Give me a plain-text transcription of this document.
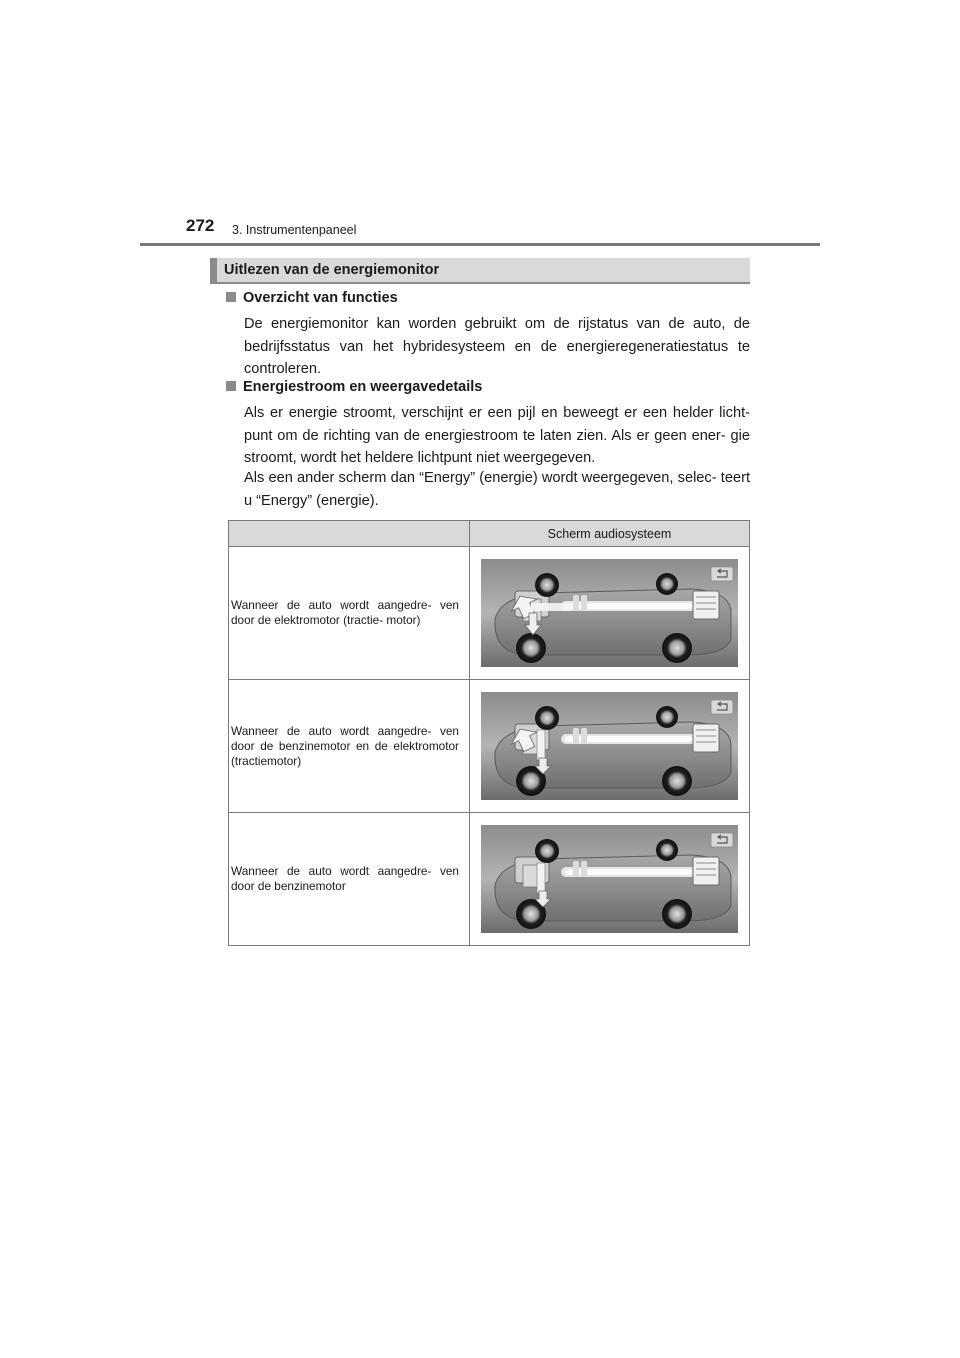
272 3. Instrumentenpaneel
Uitlezen van de energiemonitor
Overzicht van functies
De energiemonitor kan worden gebruikt om de rijstatus van de auto, de bedrijfsstatus van het hybridesysteem en de energieregeneratiestatus te controleren.
Energiestroom en weergavedetails
Als er energie stroomt, verschijnt er een pijl en beweegt er een helder licht- punt om de richting van de energiestroom te laten zien. Als er geen ener- gie stroomt, wordt het heldere lichtpunt niet weergegeven.
Als een ander scherm dan “Energy” (energie) wordt weergegeven, selec- teert u “Energy” (energie).
	Scherm audiosysteem
Wanneer de auto wordt aangedre- ven door de elektromotor (tractie- motor)	

Wanneer de auto wordt aangedre- ven door de benzinemotor en de elektromotor (tractiemotor)	

Wanneer de auto wordt aangedre- ven door de benzinemotor	
